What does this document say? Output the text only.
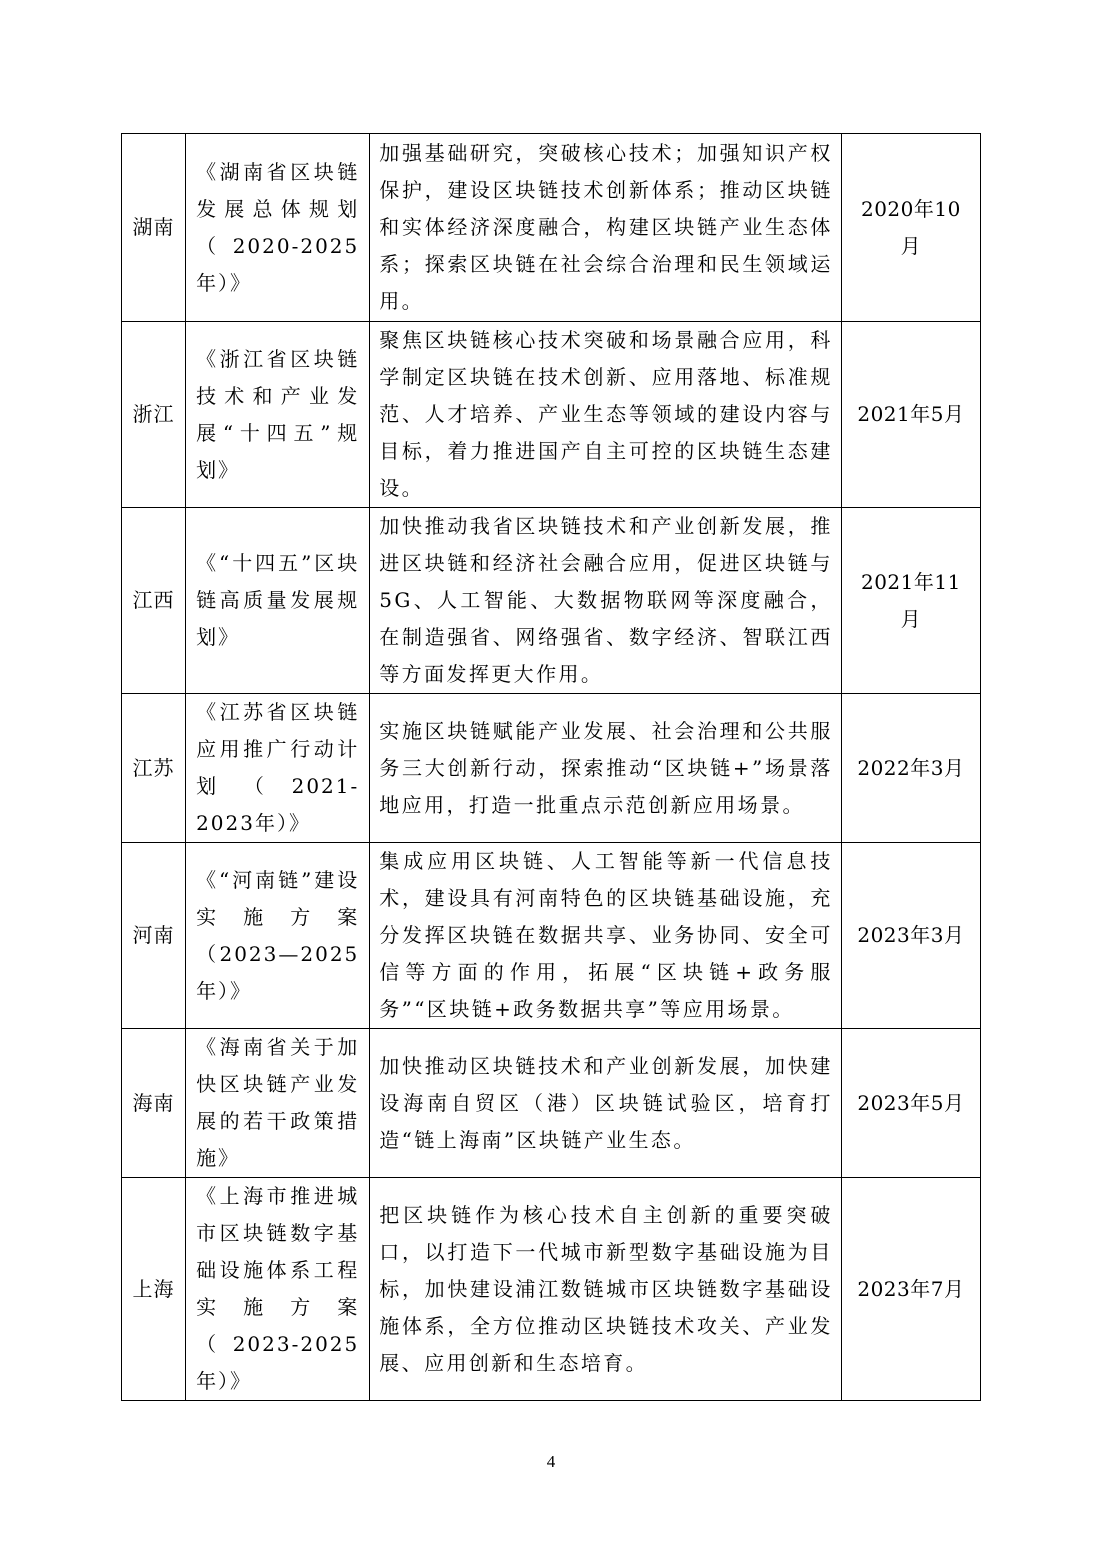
湖南	《湖南省区块链发展总体规划（2020-2025年）》	加强基础研究，突破核心技术；加强知识产权保护，建设区块链技术创新体系；推动区块链和实体经济深度融合，构建区块链产业生态体系；探索区块链在社会综合治理和民生领域运用。	2020年10月
浙江	《浙江省区块链技术和产业发展“十四五”规划》	聚焦区块链核心技术突破和场景融合应用，科学制定区块链在技术创新、应用落地、标准规范、人才培养、产业生态等领域的建设内容与目标，着力推进国产自主可控的区块链生态建设。	2021年5月
江西	《“十四五”区块链高质量发展规划》	加快推动我省区块链技术和产业创新发展，推进区块链和经济社会融合应用，促进区块链与5G、人工智能、大数据物联网等深度融合，在制造强省、网络强省、数字经济、智联江西等方面发挥更大作用。	2021年11月
江苏	《江苏省区块链应用推广行动计划（2021-2023年）》	实施区块链赋能产业发展、社会治理和公共服务三大创新行动，探索推动“区块链+”场景落地应用，打造一批重点示范创新应用场景。	2022年3月
河南	《“河南链”建设实施方案（2023—2025年）》	集成应用区块链、人工智能等新一代信息技术，建设具有河南特色的区块链基础设施，充分发挥区块链在数据共享、业务协同、安全可信等方面的作用，拓展“区块链+政务服务”“区块链+政务数据共享”等应用场景。	2023年3月
海南	《海南省关于加快区块链产业发展的若干政策措施》	加快推动区块链技术和产业创新发展，加快建设海南自贸区（港）区块链试验区，培育打造“链上海南”区块链产业生态。	2023年5月
上海	《上海市推进城市区块链数字基础设施体系工程实施方案（2023-2025年）》	把区块链作为核心技术自主创新的重要突破口，以打造下一代城市新型数字基础设施为目标，加快建设浦江数链城市区块链数字基础设施体系，全方位推动区块链技术攻关、产业发展、应用创新和生态培育。	2023年7月
4
